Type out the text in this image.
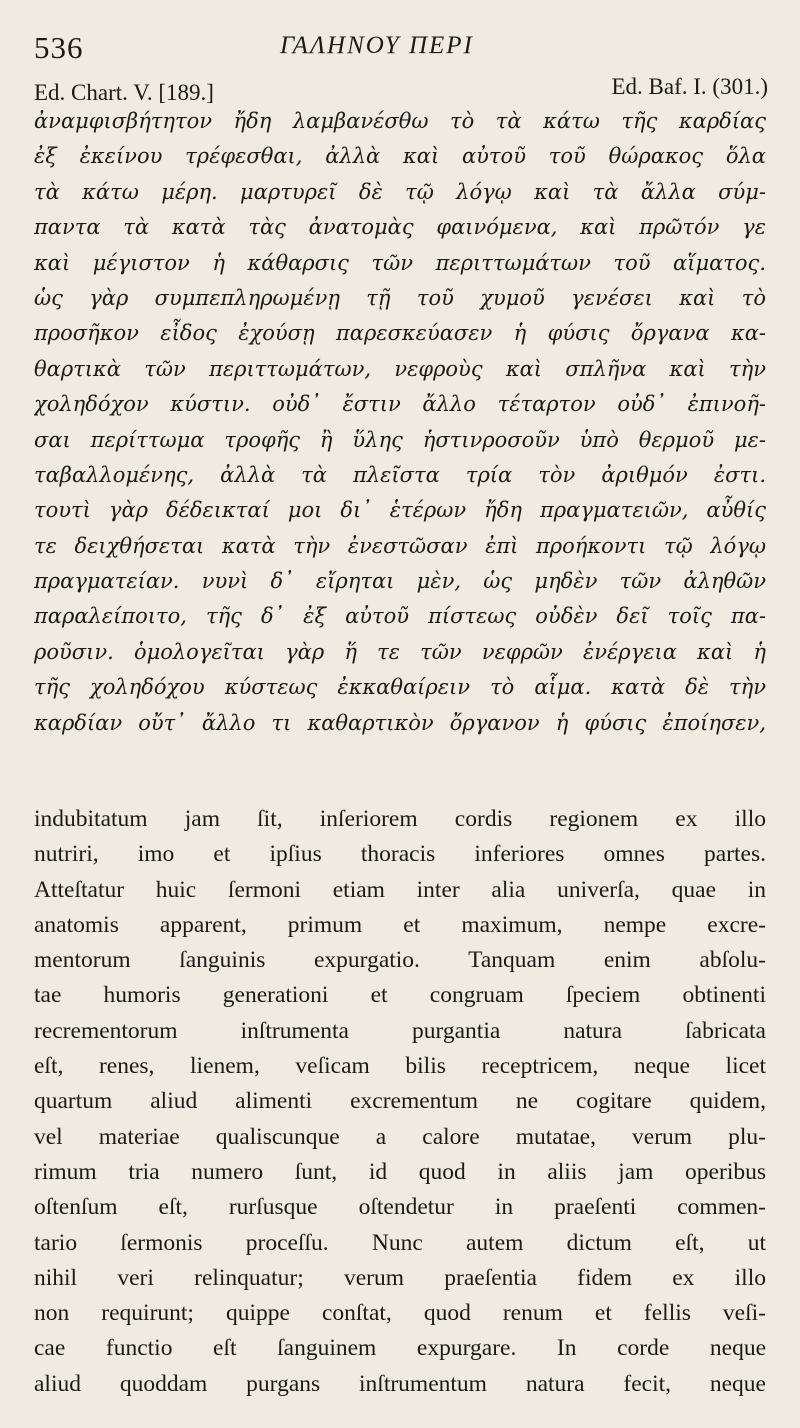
536	ΓΑΛΗΝΟΥ ΠΕΡΙ
Ed. Chart. V. [189.]	Ed. Baf. I. (301.)
ἀναμφισβήτητον ἤδη λαμβανέσθω τὸ τὰ κάτω τῆς καρδίας
ἐξ ἐκείνου τρέφεσθαι, ἀλλὰ καὶ αὐτοῦ τοῦ θώρακος ὅλα
τὰ κάτω μέρη. μαρτυρεῖ δὲ τῷ λόγῳ καὶ τὰ ἄλλα σύμ-
παντα τὰ κατὰ τὰς ἀνατομὰς φαινόμενα, καὶ πρῶτόν γε
καὶ μέγιστον ἡ κάθαρσις τῶν περιττωμάτων τοῦ αἵματος.
ὡς γὰρ συμπεπληρωμένῃ τῇ τοῦ χυμοῦ γενέσει καὶ τὸ
προσῆκον εἶδος ἐχούσῃ παρεσκεύασεν ἡ φύσις ὄργανα κα-
θαρτικὰ τῶν περιττωμάτων, νεφροὺς καὶ σπλῆνα καὶ τὴν
χοληδόχον κύστιν. οὐδ᾽ ἔστιν ἄλλο τέταρτον οὐδ᾽ ἐπινοῆ-
σαι περίττωμα τροφῆς ἢ ὕλης ἡστινροσοῦν ὑπὸ θερμοῦ με-
ταβαλλομένης, ἀλλὰ τὰ πλεῖστα τρία τὸν ἀριθμόν ἐστι.
τουτὶ γὰρ δέδεικταί μοι δι᾽ ἑτέρων ἤδη πραγματειῶν, αὖθίς
τε δειχθήσεται κατὰ τὴν ἐνεστῶσαν ἐπὶ προήκοντι τῷ λόγῳ
πραγματείαν. νυνὶ δ᾽ εἴρηται μὲν, ὡς μηδὲν τῶν ἀληθῶν
παραλείποιτο, τῆς δ᾽ ἐξ αὐτοῦ πίστεως οὐδὲν δεῖ τοῖς πα-
ροῦσιν. ὁμολογεῖται γὰρ ἥ τε τῶν νεφρῶν ἐνέργεια καὶ ἡ
τῆς χοληδόχου κύστεως ἐκκαθαίρειν τὸ αἷμα. κατὰ δὲ τὴν
καρδίαν οὔτ᾽ ἄλλο τι καθαρτικὸν ὄργανον ἡ φύσις ἐποίησεν,
indubitatum jam ſit, inſeriorem cordis regionem ex illo
nutriri, imo et ipſius thoracis inferiores omnes partes.
Atteſtatur huic ſermoni etiam inter alia univerſa, quae in
anatomis apparent, primum et maximum, nempe excre-
mentorum ſanguinis expurgatio. Tanquam enim abſolu-
tae humoris generationi et congruam ſpeciem obtinenti
recrementorum inſtrumenta purgantia natura ſabricata
eſt, renes, lienem, veſicam bilis receptricem, neque licet
quartum aliud alimenti excrementum ne cogitare quidem,
vel materiae qualiscunque a calore mutatae, verum plu-
rimum tria numero ſunt, id quod in aliis jam operibus
oſtenſum eſt, rurſusque oſtendetur in praeſenti commen-
tario ſermonis proceſſu. Nunc autem dictum eſt, ut
nihil veri relinquatur; verum praeſentia fidem ex illo
non requirunt; quippe conſtat, quod renum et fellis veſi-
cae functio eſt ſanguinem expurgare. In corde neque
aliud quoddam purgans inſtrumentum natura fecit, neque
